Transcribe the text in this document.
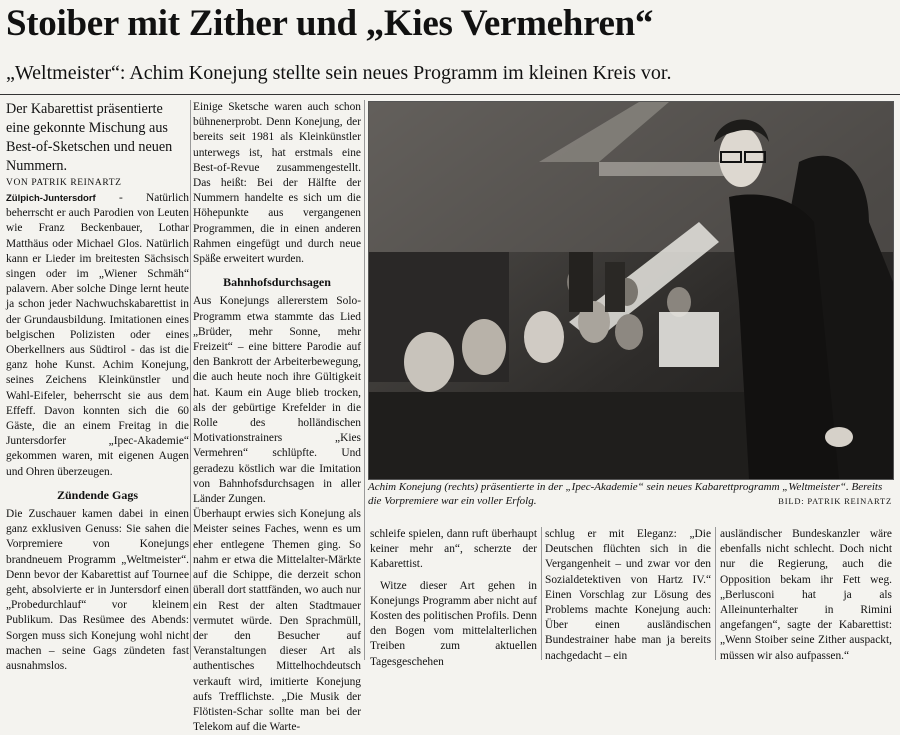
Stoiber mit Zither und „Kies Vermehren“
„Weltmeister“: Achim Konejung stellte sein neues Programm im kleinen Kreis vor.
Der Kabarettist präsentierte eine gekonnte Mischung aus Best-of-Sketschen und neuen Nummern.
VON PATRIK REINARTZ

Zülpich-Juntersdorf - Natürlich beherrscht er auch Parodien von Leuten wie Franz Beckenbauer, Lothar Matthäus oder Michael Glos. Natürlich kann er Lieder im breitesten Sächsisch singen oder im „Wiener Schmäh“ palavern. Aber solche Dinge lernt heute ja schon jeder Nachwuchskabarettist in der Grundausbildung. Imitationen eines belgischen Polizisten oder eines Oberkellners aus Südtirol - das ist die ganz hohe Kunst. Achim Konejung, seines Zeichens Kleinkünstler und Wahl-Eifeler, beherrscht sie aus dem Effeff. Davon konnten sich die 60 Gäste, die an einem Freitag in die Juntersdorfer „Ipec-Akademie“ gekommen waren, mit eigenen Augen und Ohren überzeugen.

Zündende Gags

Die Zuschauer kamen dabei in einen ganz exklusiven Genuss: Sie sahen die Vorpremiere von Konejungs brandneuem Programm „Weltmeister“. Denn bevor der Kabarettist auf Tournee geht, absolvierte er in Juntersdorf einen „Probedurchlauf“ vor kleinem Publikum. Das Resümee des Abends: Sorgen muss sich Konejung wohl nicht machen – seine Gags zündeten fast ausnahmslos.

Einige Sketsche waren auch schon bühnenerprobt. Denn Konejung, der bereits seit 1981 als Kleinkünstler unterwegs ist, hat erstmals eine Best-of-Revue zusammengestellt. Das heißt: Bei der Hälfte der Nummern handelte es sich um die Höhepunkte aus vergangenen Programmen, die in einen anderen Rahmen eingefügt und durch neue Späße erweitert wurden.

Bahnhofsdurchsagen

Aus Konejungs allererstem Solo-Programm etwa stammte das Lied „Brüder, mehr Sonne, mehr Freizeit“ – eine bittere Parodie auf den Bankrott der Arbeiterbewegung, die auch heute noch ihre Gültigkeit hat. Kaum ein Auge blieb trocken, als der gebürtige Krefelder in die Rolle des holländischen Motivationstrainers „Kies Vermehren“ schlüpfte. Und geradezu köstlich war die Imitation von Bahnhofsdurchsagen in aller Länder Zungen.

Überhaupt erwies sich Konejung als Meister seines Faches, wenn es um eher entlegene Themen ging. So nahm er etwa die Mittelalter-Märkte auf die Schippe, die derzeit schon überall dort stattfänden, wo auch nur ein Rest der alten Stadtmauer vermutet würde. Den Sprachmüll, der den Besucher auf Veranstaltungen dieser Art als authentisches Mittelhochdeutsch verkauft wird, imitierte Konejung aufs Trefflichste. „Die Musik der Flötisten-Schar sollte man bei der Telekom auf die Warte-

Achim Konejung (rechts) präsentierte in der „Ipec-Akademie“ sein neues Kabarettprogramm „Weltmeister“. Bereits die Vorpremiere war ein voller Erfolg.	BILD: PATRIK REINARTZ

schleife spielen, dann ruft überhaupt keiner mehr an“, scherzte der Kabarettist.

Witze dieser Art gehen in Konejungs Programm aber nicht auf Kosten des politischen Profils. Denn den Bogen vom mittelalterlichen Treiben zum aktuellen Tagesgeschehen

schlug er mit Eleganz: „Die Deutschen flüchten sich in die Vergangenheit – und zwar vor den Sozialdetektiven von Hartz IV.“ Einen Vorschlag zur Lösung des Problems machte Konejung auch: Über einen ausländischen Bundestrainer habe man ja bereits nachgedacht – ein

ausländischer Bundeskanzler wäre ebenfalls nicht schlecht. Doch nicht nur die Regierung, auch die Opposition bekam ihr Fett weg. „Berlusconi hat ja als Alleinunterhalter in Rimini angefangen“, sagte der Kabarettist: „Wenn Stoiber seine Zither auspackt, müssen wir also aufpassen.“
